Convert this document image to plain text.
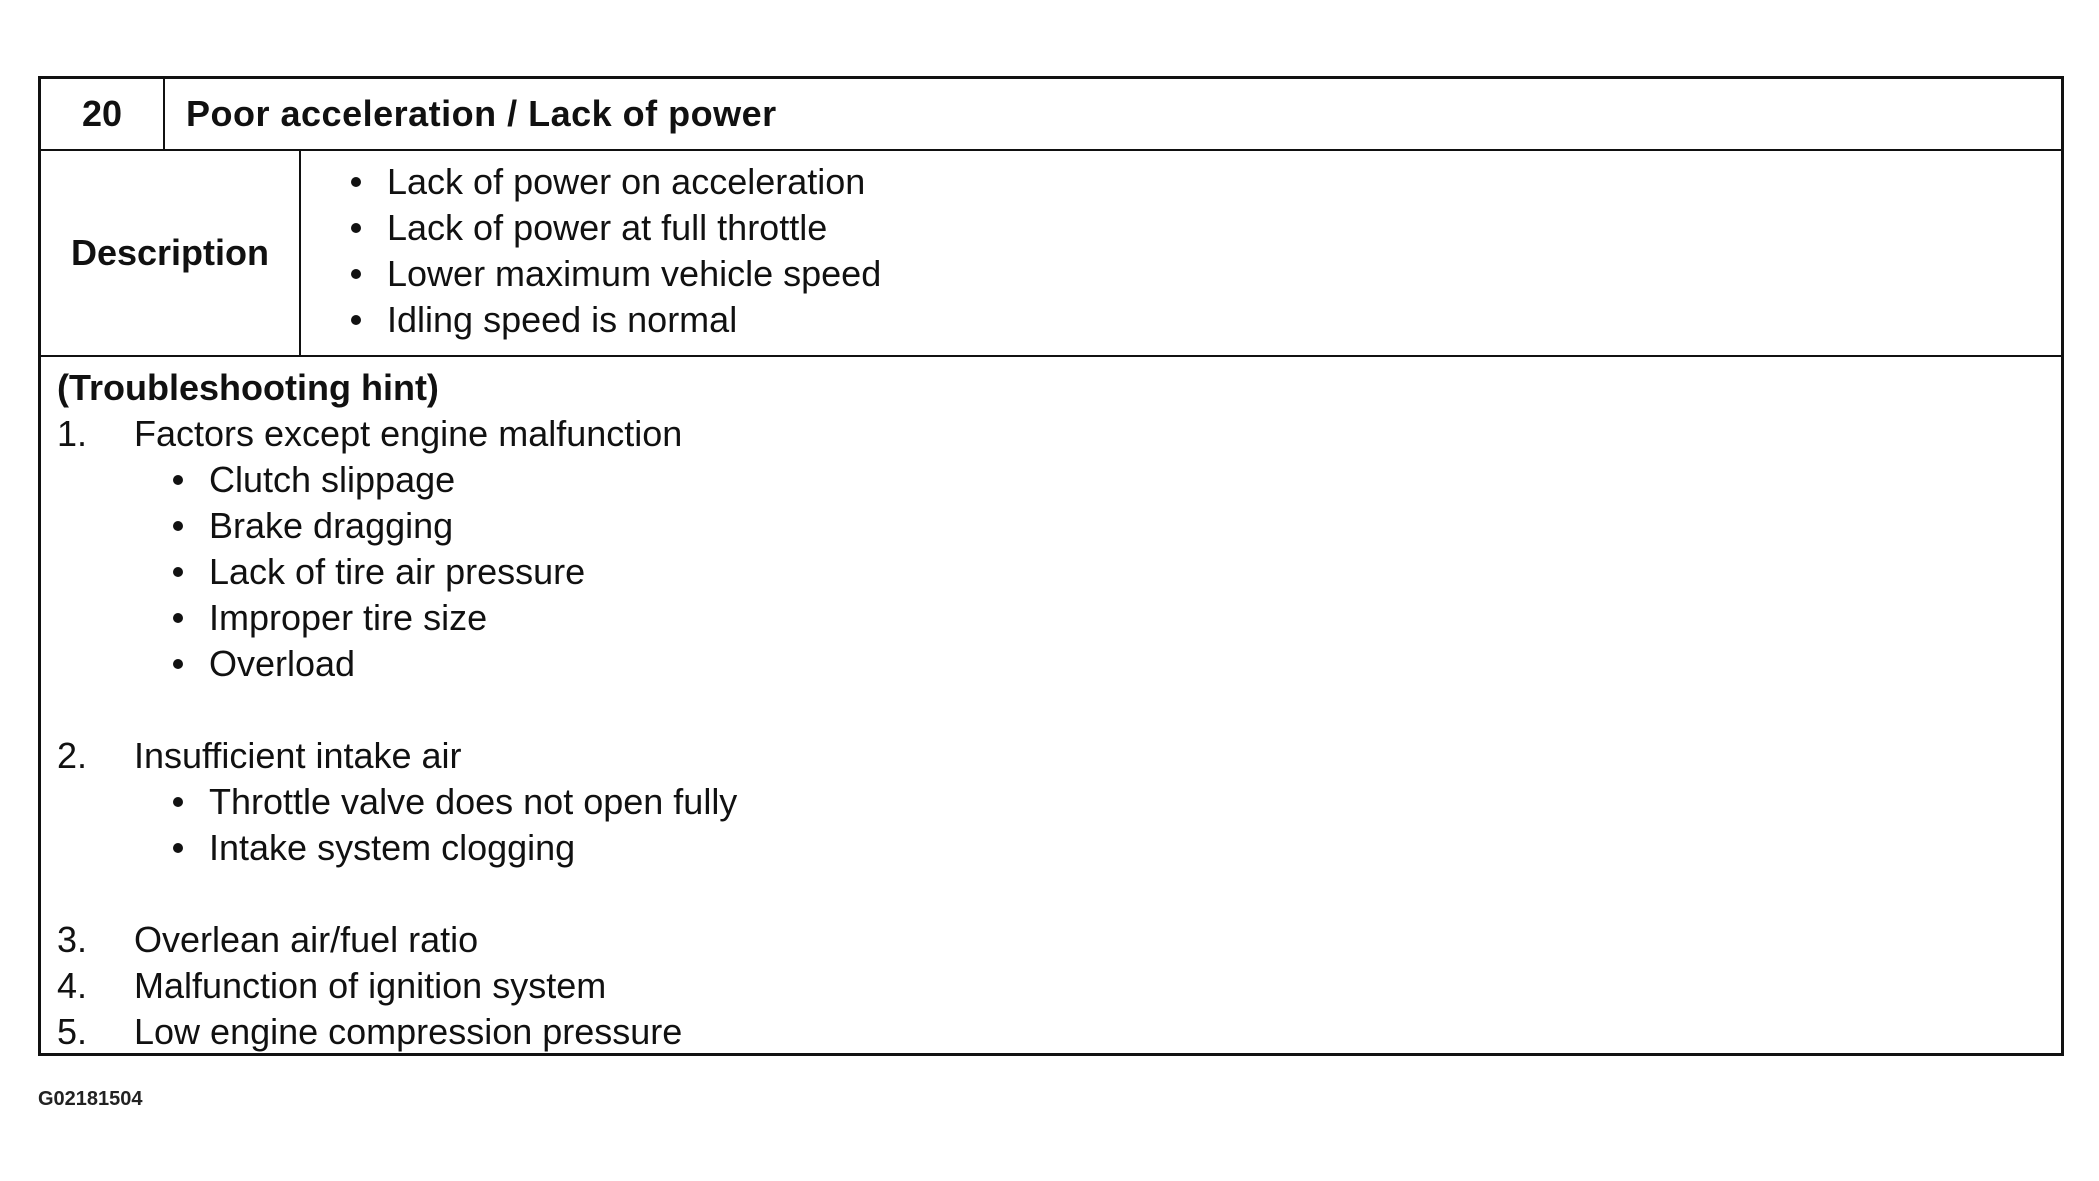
20	Poor acceleration / Lack of power
Description
Lack of power on acceleration
Lack of power at full throttle
Lower maximum vehicle speed
Idling speed is normal
(Troubleshooting hint)
1. Factors except engine malfunction

Clutch slippage
Brake dragging
Lack of tire air pressure
Improper tire size
Overload
2. Insufficient intake air

Throttle valve does not open fully
Intake system clogging
3. Overlean air/fuel ratio

4. Malfunction of ignition system

5. Low engine compression pressure

G02181504
